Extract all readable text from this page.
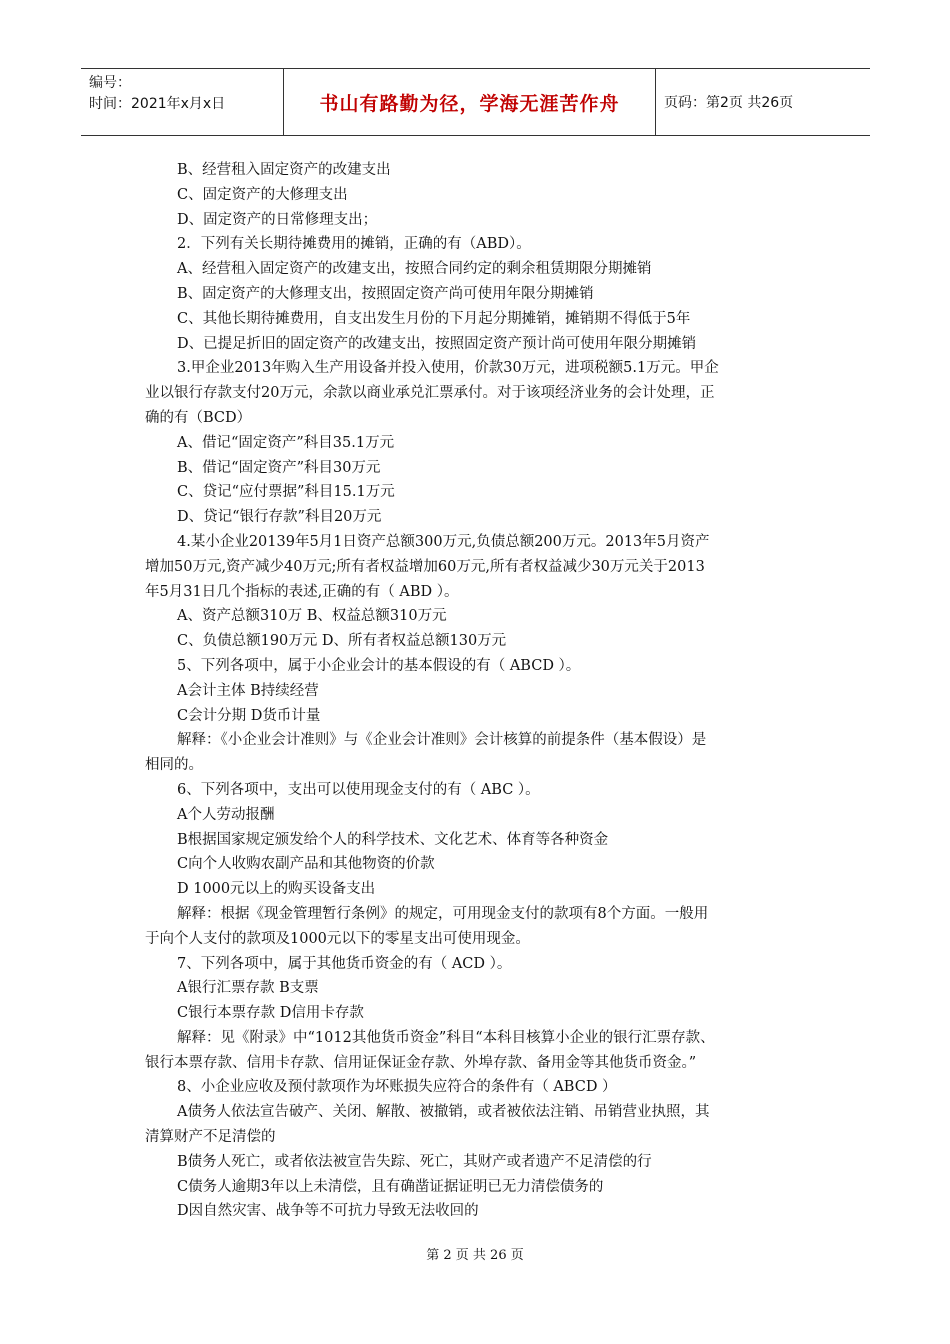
编号：
时间：2021年x月x日	书山有路勤为径，学海无涯苦作舟	页码：第2页 共26页
B、经营租入固定资产的改建支出
C、固定资产的大修理支出
D、固定资产的日常修理支出；
2．下列有关长期待摊费用的摊销，正确的有（ABD）。
A、经营租入固定资产的改建支出，按照合同约定的剩余租赁期限分期摊销
B、固定资产的大修理支出，按照固定资产尚可使用年限分期摊销
C、其他长期待摊费用，自支出发生月份的下月起分期摊销，摊销期不得低于5年
D、已提足折旧的固定资产的改建支出，按照固定资产预计尚可使用年限分期摊销
3.甲企业2013年购入生产用设备并投入使用，价款30万元，进项税额5.1万元。甲企
业以银行存款支付20万元，余款以商业承兑汇票承付。对于该项经济业务的会计处理，正
确的有（BCD）
A、借记“固定资产”科目35.1万元
B、借记“固定资产”科目30万元
C、贷记“应付票据”科目15.1万元
D、贷记“银行存款”科目20万元
4.某小企业20139年5月1日资产总额300万元,负债总额200万元。2013年5月资产
增加50万元,资产减少40万元;所有者权益增加60万元,所有者权益减少30万元关于2013
年5月31日几个指标的表述,正确的有（ ABD ）。
A、资产总额310万 B、权益总额310万元
C、负债总额190万元 D、所有者权益总额130万元
5、下列各项中，属于小企业会计的基本假设的有（ ABCD ）。
A会计主体 B持续经营
C会计分期 D货币计量
解释：《小企业会计准则》与《企业会计准则》会计核算的前提条件（基本假设）是
相同的。
6、下列各项中，支出可以使用现金支付的有（ ABC ）。
A个人劳动报酬
B根据国家规定颁发给个人的科学技术、文化艺术、体育等各种资金
C向个人收购农副产品和其他物资的价款
D 1000元以上的购买设备支出
解释：根据《现金管理暂行条例》的规定，可用现金支付的款项有8个方面。一般用
于向个人支付的款项及1000元以下的零星支出可使用现金。
7、下列各项中，属于其他货币资金的有（ ACD ）。
A银行汇票存款 B支票
C银行本票存款 D信用卡存款
解释：见《附录》中“1012其他货币资金”科目“本科目核算小企业的银行汇票存款、
银行本票存款、信用卡存款、信用证保证金存款、外埠存款、备用金等其他货币资金。”
8、小企业应收及预付款项作为坏账损失应符合的条件有（ ABCD ）
A债务人依法宣告破产、关闭、解散、被撤销，或者被依法注销、吊销营业执照，其
清算财产不足清偿的
B债务人死亡，或者依法被宣告失踪、死亡，其财产或者遗产不足清偿的行
C债务人逾期3年以上未清偿，且有确凿证据证明已无力清偿债务的
D因自然灾害、战争等不可抗力导致无法收回的
第 2 页 共 26 页
